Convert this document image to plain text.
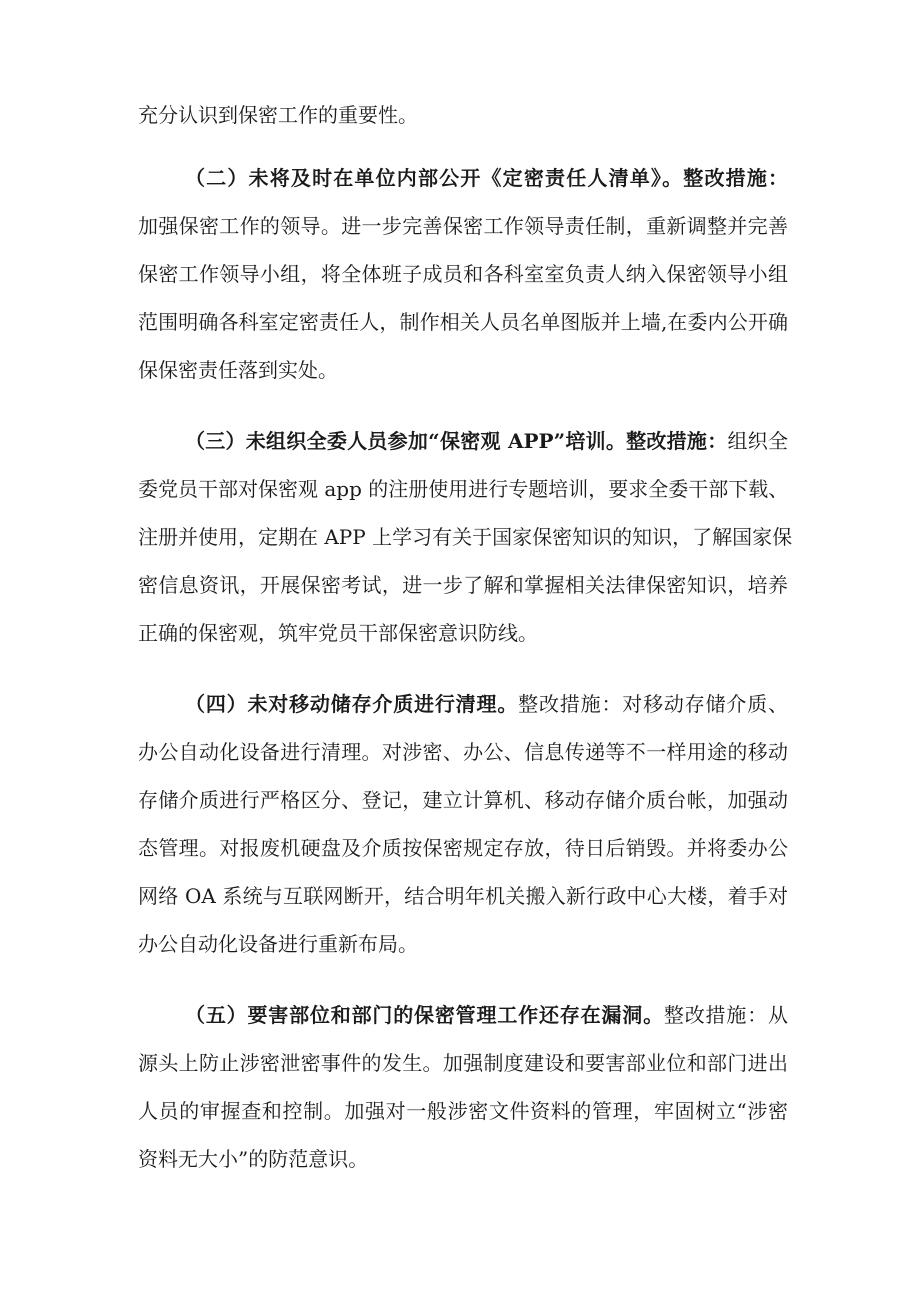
充分认识到保密工作的重要性。
（二）未将及时在单位内部公开《定密责任人清单》。整改措施：
加强保密工作的领导。进一步完善保密工作领导责任制，重新调整并完善
保密工作领导小组，将全体班子成员和各科室室负责人纳入保密领导小组
范围明确各科室定密责任人，制作相关人员名单图版并上墙,在委内公开确
保保密责任落到实处。
（三）未组织全委人员参加“保密观 APP”培训。整改措施：组织全
委党员干部对保密观 app 的注册使用进行专题培训，要求全委干部下载、
注册并使用，定期在 APP 上学习有关于国家保密知识的知识，了解国家保
密信息资讯，开展保密考试，进一步了解和掌握相关法律保密知识，培养
正确的保密观，筑牢党员干部保密意识防线。
（四）未对移动储存介质进行清理。整改措施：对移动存储介质、
办公自动化设备进行清理。对涉密、办公、信息传递等不一样用途的移动
存储介质进行严格区分、登记，建立计算机、移动存储介质台帐，加强动
态管理。对报废机硬盘及介质按保密规定存放，待日后销毁。并将委办公
网络 OA 系统与互联网断开，结合明年机关搬入新行政中心大楼，着手对
办公自动化设备进行重新布局。
（五）要害部位和部门的保密管理工作还存在漏洞。整改措施：从
源头上防止涉密泄密事件的发生。加强制度建设和要害部业位和部门进出
人员的审握查和控制。加强对一般涉密文件资料的管理，牢固树立“涉密
资料无大小”的防范意识。
